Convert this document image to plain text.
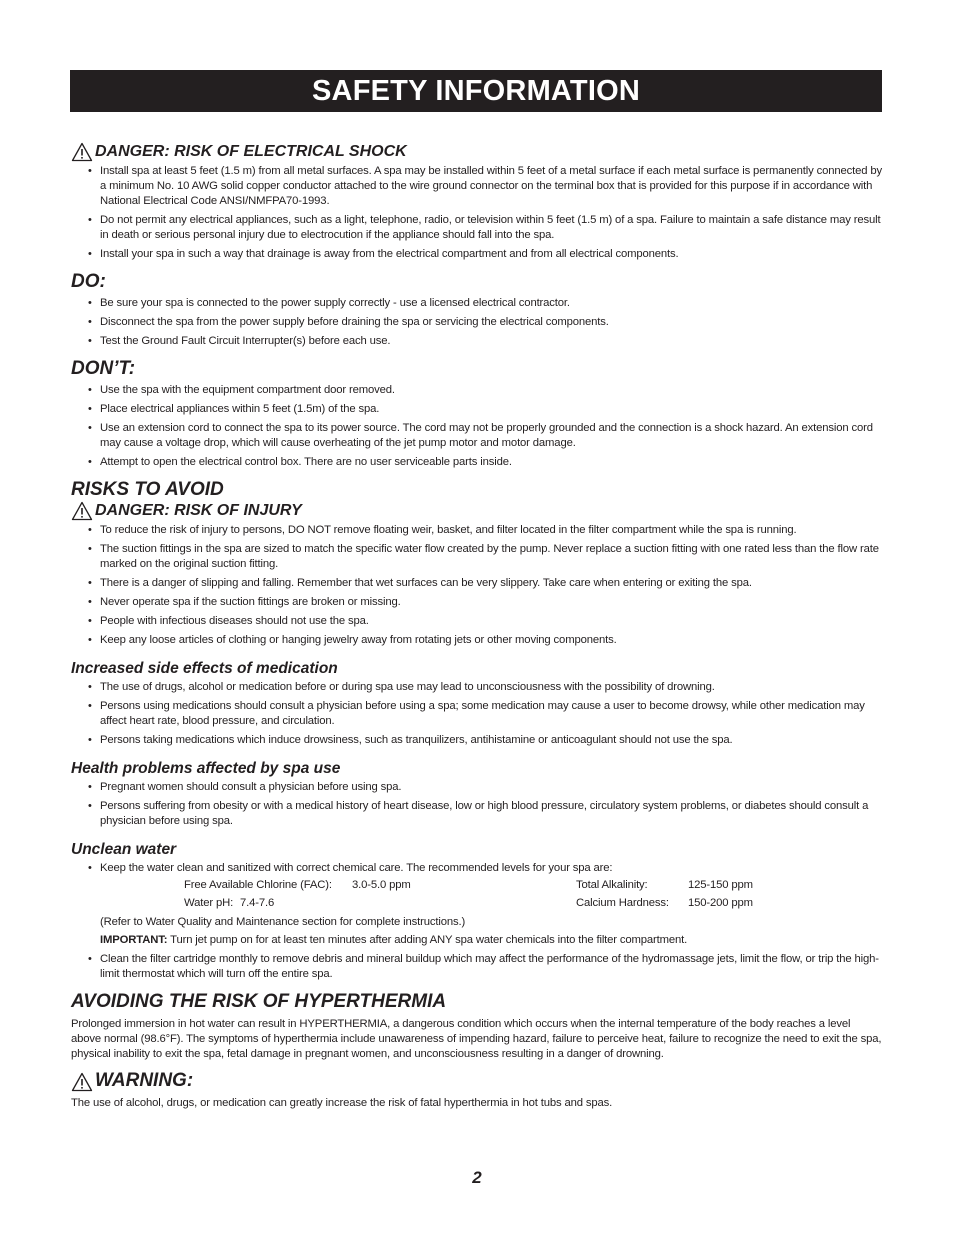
SAFETY INFORMATION
DANGER: RISK OF ELECTRICAL SHOCK
• Install spa at least 5 feet (1.5 m) from all metal surfaces. A spa may be installed within 5 feet of a metal surface if each metal surface is permanently connected by a minimum No. 10 AWG solid copper conductor attached to the wire ground connector on the terminal box that is provided for this purpose if in accordance with National Electrical Code ANSI/NMFPA70-1993.
• Do not permit any electrical appliances, such as a light, telephone, radio, or television within 5 feet (1.5 m) of a spa. Failure to maintain a safe distance may result in death or serious personal injury due to electrocution if the appliance should fall into the spa.
• Install your spa in such a way that drainage is away from the electrical compartment and from all electrical components.
DO:
• Be sure your spa is connected to the power supply correctly - use a licensed electrical contractor.
• Disconnect the spa from the power supply before draining the spa or servicing the electrical components.
• Test the Ground Fault Circuit Interrupter(s) before each use.
DON’T:
• Use the spa with the equipment compartment door removed.
• Place electrical appliances within 5 feet (1.5m) of the spa.
• Use an extension cord to connect the spa to its power source. The cord may not be properly grounded and the connection is a shock hazard. An extension cord may cause a voltage drop, which will cause overheating of the jet pump motor and motor damage.
• Attempt to open the electrical control box. There are no user serviceable parts inside.
RISKS TO AVOID
DANGER: RISK OF INJURY
• To reduce the risk of injury to persons, DO NOT remove floating weir, basket, and filter located in the filter compartment while the spa is running.
• The suction fittings in the spa are sized to match the specific water flow created by the pump. Never replace a suction fitting with one rated less than the flow rate marked on the original suction fitting.
• There is a danger of slipping and falling. Remember that wet surfaces can be very slippery. Take care when entering or exiting the spa.
• Never operate spa if the suction fittings are broken or missing.
• People with infectious diseases should not use the spa.
• Keep any loose articles of clothing or hanging jewelry away from rotating jets or other moving components.
Increased side effects of medication
• The use of drugs, alcohol or medication before or during spa use may lead to unconsciousness with the possibility of drowning.
• Persons using medications should consult a physician before using a spa; some medication may cause a user to become drowsy, while other medication may affect heart rate, blood pressure, and circulation.
• Persons taking medications which induce drowsiness, such as tranquilizers, antihistamine or anticoagulant should not use the spa.
Health problems affected by spa use
• Pregnant women should consult a physician before using spa.
• Persons suffering from obesity or with a medical history of heart disease, low or high blood pressure, circulatory system problems, or diabetes should consult a physician before using spa.
Unclean water
• Keep the water clean and sanitized with correct chemical care. The recommended levels for your spa are:
Free Available Chlorine (FAC): 3.0-5.0 ppm	Total Alkalinity:	125-150 ppm
Water pH: 7.4-7.6	Calcium Hardness: 150-200 ppm
(Refer to Water Quality and Maintenance section for complete instructions.)
IMPORTANT: Turn jet pump on for at least ten minutes after adding ANY spa water chemicals into the filter compartment.
• Clean the filter cartridge monthly to remove debris and mineral buildup which may affect the performance of the hydromassage jets, limit the flow, or trip the high-limit thermostat which will turn off the entire spa.
AVOIDING THE RISK OF HYPERTHERMIA

Prolonged immersion in hot water can result in HYPERTHERMIA, a dangerous condition which occurs when the internal temperature of the body reaches a level above normal (98.6°F). The symptoms of hyperthermia include unawareness of impending hazard, failure to perceive heat, failure to recognize the need to exit the spa, physical inability to exit the spa, fetal damage in pregnant women, and unconsciousness resulting in a danger of drowning.

WARNING:

The use of alcohol, drugs, or medication can greatly increase the risk of fatal hyperthermia in hot tubs and spas.

2
